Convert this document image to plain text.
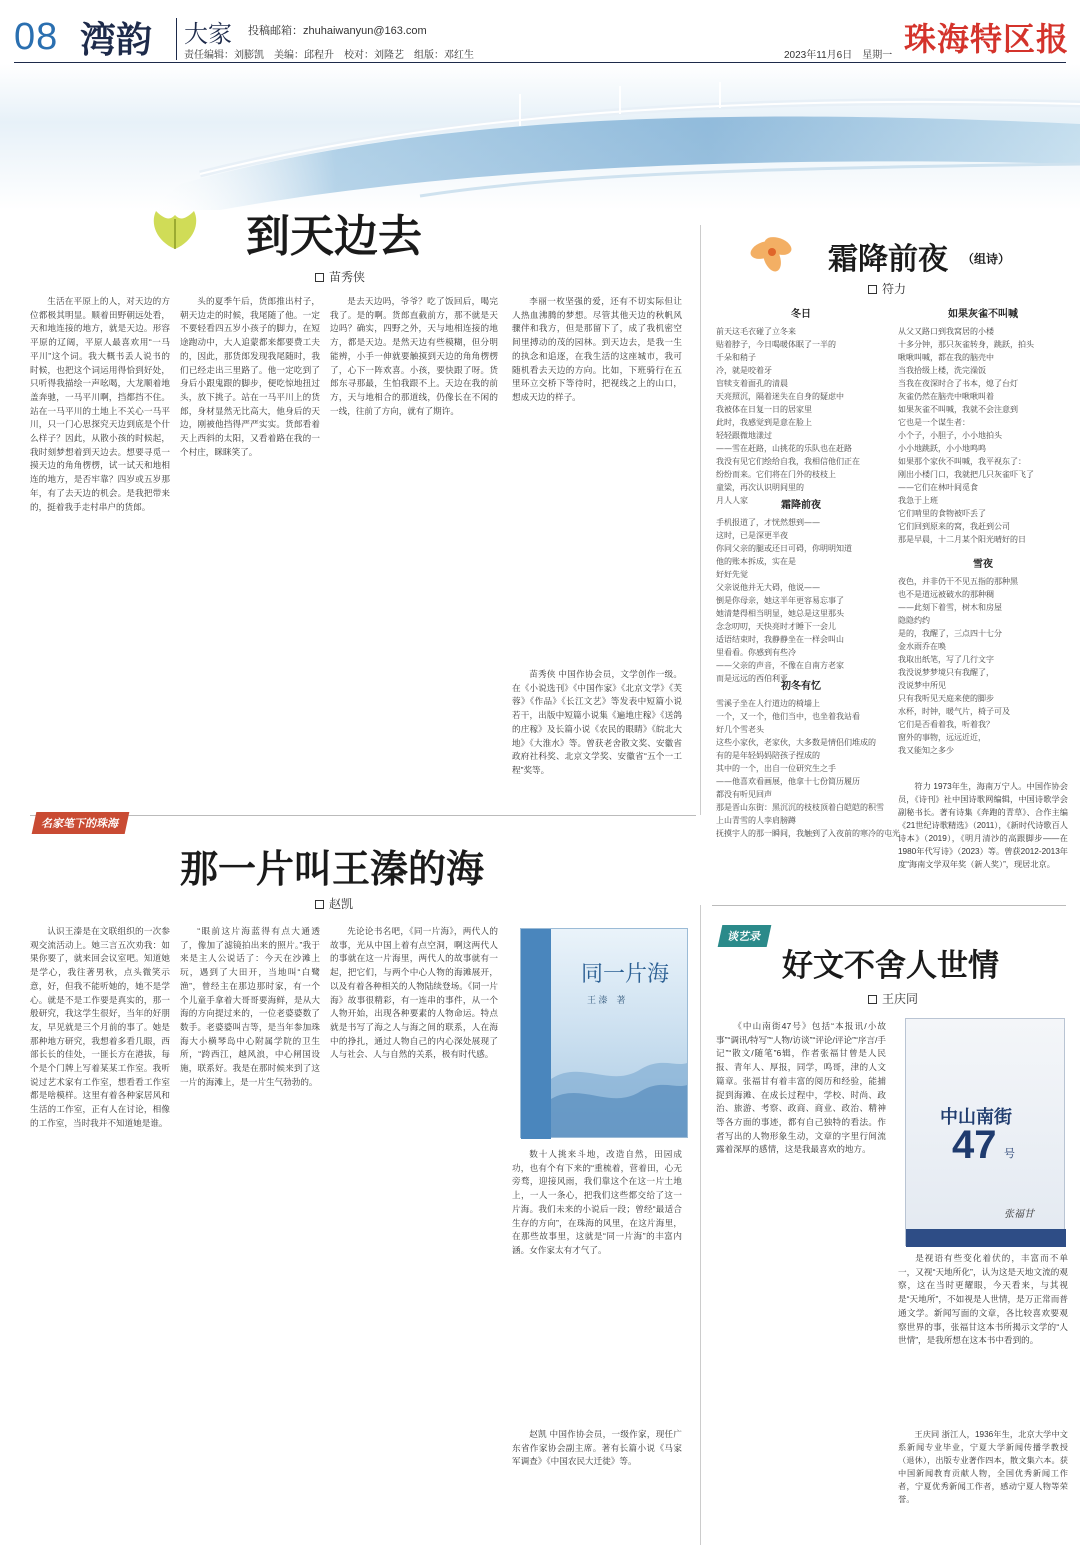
08 湾韵 大家 投稿邮箱：zhuhaiwanyun@163.com
责任编辑：刘膨凯　美编：邱程升　校对：刘隆艺　组版：邓红生	2023年11月6日　星期一 珠海特区报
到天边去
苗秀侠

生活在平原上的人，对天边的方位都极其明显。顺着田野朝远处看，天和地连接的地方，就是天边。形容平原的辽阔，平原人最喜欢用“一马平川”这个词。我大概书丢人说书的时候，也把这个词运用得恰到好处，只听得我描绘一声吆喝，大龙顺着地盖奔驰，一马平川啊，挡都挡不住。站在一马平川的土地上不关心一马平川，只一门心思探究天边到底是个什么样子？因此，从散小孩的时候起，我时刻梦想着到天边去。想要寻觅一摸天边的角角楞楞，试一试天和地相连的地方，是否牢靠？四岁或五岁那年，有了去天边的机会。是我把带来的，挺着我手走村串户的货郎。

头的夏季午后，货郎推出村子，朝天边走的时候，我尾随了他。一定不要轻看四五岁小孩子的脚力，在短途跑动中，大人追蒙都来都要费工夫的，因此，那货郎发现我尾随时，我们已经走出三里路了。他一定吃到了身后小跟鬼跟的脚步，便吃惊地扭过头，放下挑子。站在一马平川上的货郎，身材显然无比高大，他身后的天边，刚被他挡得严严实实。货郎看着天上西斜的太阳，又看着路在我的一个村庄，眯眯笑了。

是去天边吗，爷爷？吃了饭回后，喝完我了。是的啊。货郎直截前方，那不就是天边吗？确实，四野之外，天与地相连接的地方，都是天边。是然天边有些模糊，但分明能辨，小手一伸就要触摸到天边的角角楞楞了，心下一阵欢喜。小孩，要快跟了呀。货郎东寻那最，生怕我跟不上。天边在我的前方，天与地相合的那道线，仍像长在不闲的一线，往前了方向，就有了期许。

李丽一枚坚强的爱，还有不切实际但让人热血沸腾的梦想。尽管其他天边的秋帆风骤伴和我方，但是那留下了，成了我机密空间里搏动的茂的园林。到天边去，是我一生的执念和追逐，在我生活的这座城市，我可随机看去天边的方向。比如，下班骑行在五里环立交桥下等待时，把视线之上的山口，想成天边的样子。

苗秀侠 中国作协会员，文学创作一级。在《小说选刊》《中国作家》《北京文学》《芙蓉》《作品》《长江文艺》等发表中短篇小说若干，出版中短篇小说集《遍地庄稼》《送鸽的庄稼》及长篇小说《农民的眼睛》《皖北大地》《大淮水》等。曾获老舍散文奖、安徽省政府社科奖、北京文学奖、安徽省“五个一工程”奖等。

霜降前夜 （组诗）
符力
冬日
前天这毛衣碰了立冬来
贴着脖子，今日喝暖体眠了一半的
千朵和稍子
冷，就是咬着牙
盲犊支着面孔的清晨
天亮照沉，隔着迷失在自身的疑虑中
我被体在日复一日的居家里
此时，我感觉到是意在脸上
轻轻跟微地漾过
——雪在赶路，山挑花的乐队也在赶路
我没有见它们绘给自我，我相信他们正在
纷纷而来。它们将在门外的枝枝上
童梁，再次认识明间里的
月人人家	霜降前夜
手机报道了，才恍然想到——
这时，已是深更半夜
你同父亲的腿或还日可碍，你明明知道
他的账本拆成，实在是
好好先觉
父亲说他并无大碍，他说——
倒是你母亲，她这半年更容易忘事了
她清楚得相当明显，她总是这里那头
念念叨叨，天快亮时才睡下一会儿
适语结束时，我静静坐在一样会叫山
里看看。你感到有些冷
——父亲的声音，不像在自南方老家
而是远远的西伯利亚
初冬有忆
雪溪子坐在人行道边的椅墙上
一个，又一个，他们当中，也坐着我站看
好几个雪老头
这些小家伙，老家伙，大多数是情侣们堆成的
有的是年轻妈妈陪孩子捏成的
其中的一个，出自一位研究生之手
——他喜欢看画展，他拿十七份简历履历
都没有听见回声
那是晋山东街：黑沉沉的枝枝顶着白皑皑的积雪
上山青雪的人孪肩膀蹲
抚摸宇人的那一瞬间，我触到了入夜前的寒冷的屯光
如果灰雀不叫喊
从父又路口到我窝居的小楼
十多分钟，那只灰雀转身，跳跃，拍头
啾啾叫喊，都在我的脑壳中
当我拾级上楼，洗完澡饭
当我在夜深时合了书本，熄了台灯
灰雀仍然在脑壳中啾啾叫着
如果灰雀不叫喊，我就不会注意到
它也是一个谋生者：
小个子，小胆子，小小地拍头
小小地跳跃，小小地鸣鸣
如果那个家伙不叫喊，我平视东了：
刚出小楼门口，我就把几只灰雀吓飞了
——它们在林叶间觅食
我急于上班
它们啃里的食物被吓丢了
它们回到原来的窝，我赶到公司
那是早晨，十二月某个阳光晴好的日
雪夜
夜色，并非仍干不见五指的那种黑
也不是道远被破水的那种稠
——此刻下着雪，树木和房屋
隐隐约约
是的，我醒了，三点四十七分
金水雨乔在唤
我取出纸笔，写了几行文字
我没说梦梦境只有我醒了，
没说梦中所见
只有我听见天庭来使的脚步
水杯，时钟，暖气片，椅子可及
它们是否看着我，听着我？
窗外的事物，远远近近，
我又能知之多少

符力 1973年生，海南万宁人。中国作协会员，《诗刊》社中国诗歌网编辑，中国诗歌学会副秘书长。著有诗集《奔跑的青草》、合作主编《21世纪诗歌精选》（2011），《新时代诗歌百人诗本》（2019），《明月清沙的高跟脚步——在1980年代写诗》（2023）等。曾获2012-2013年度“海南文学双年奖（新人奖）”，现居北京。

名家笔下的珠海
那一片叫王溱的海
赵凯

认识王溱是在文联组织的一次参观交流活动上。她三言五次劝我：如果你要了，就来回会议室吧。知道她是学心，我往著男秋，点头微笑示意，好，但我不能听她的，她不是学心。就是不是工作要是真实的，那一般研究，我这学生很好，当年的好朋友，早见就是三个月前的事了。她是那种地方研究，我想着多看几眼，西部长长的佳处，一匪长方在港拔，每个是个门牌上写着某某工作室。我听说过艺术家有工作室，想看看工作室都是啥模样。这里有着各种家居风和生活的工作室，正有人在讨论，相像的工作室，当时我并不知道她是谁。

“眼前这片海蓝得有点大通透了，像加了滤镜拍出来的照片。”我于来是主人公说话了：今天在沙滩上玩，遇到了大田开，当地叫“白鹭渔”，曾经主在那边那时家，有一个个儿童手拿着大哥哥要海鲜，是从大海的方向提过来的，一位老婆婆数了数手。老婆婆叫吉等，是当年参加珠海大小横琴岛中心附属学院的卫生所，“跨西江，越风浪，中心闸国设施，联系好。我是在那时候来到了这一片的海滩上，是一片生气勃勃的。

先论论书名吧，《同一片海》，两代人的故事，光从中国上着有点空洞，啊这两代人的事就在这一片海里，两代人的故事就有一起，把它们，与两个中心人物的海滩展开，以及有着各种相关的人物陆续登场。《同一片海》故事很精彩，有一连串的事件，从一个人物开始，出现各种要素的人物命运。特点就是书写了海之人与海之间的联系，人在海中的挣扎，通过人物自己的内心深处展现了人与社会、人与自然的关系，极有时代感。

同一片海
王 溱　著

数十人挑来斗地，改造自然，田园成功，也有个有下来的“重梳着，营着田，心无旁骛，迎接风雨，我们靠这个在这一片土地上，一人一条心，把我们这些都交给了这一片海。我们未来的小说后一段；曾经“最适合生存的方向”，在珠海的风里，在这片海里，在那些故事里，这就是“同一片海”的丰富内涵。女作家太有才气了。

赵凯 中国作协会员，一级作家，现任广东省作家协会副主席。著有长篇小说《马家军调查》《中国农民大迁徙》等。

谈艺录
好文不舍人世情
王庆同

《中山南街47号》包括“本报讯/小故事”“调讯/特写”“人物/访谈”“评论/评论”“序言/手记”“散文/随笔”6辑，作者张福甘曾是人民报、青年人、厚报，同学，鸣哥，津的人文篇章。张福甘有着丰富的阅历和经验，能捕捉到海滩、在成长过程中，学校、时尚、政治、旅游、考察、政商、商业、政治、精神等各方面的事迹，都有自己独特的看法。作者写出的人物形象生动，文章的字里行间流露着深厚的感情，这是我最喜欢的地方。

中山南街
47 号
张福甘

是视语有些变化着伏的，丰富而不单一，又视“天地所化”，认为这是天地文流的观察，这在当时更耀眼，今天看来，与其视是“天地所”，不如视是人世情，是万正常而普通文学。新闻写面的文章，各比较喜欢要观察世界的事，张福甘这本书所揭示文学的“人世情”，是我所想在这本书中看到的。

王庆同 浙江人，1936年生，北京大学中文系新闻专业毕业，宁夏大学新闻传播学教授（退休），出版专业著作四本，散文集六本。获中国新闻教育贡献人物，全国优秀新闻工作者，宁夏优秀新闻工作者，感动宁夏人物等荣誉。
